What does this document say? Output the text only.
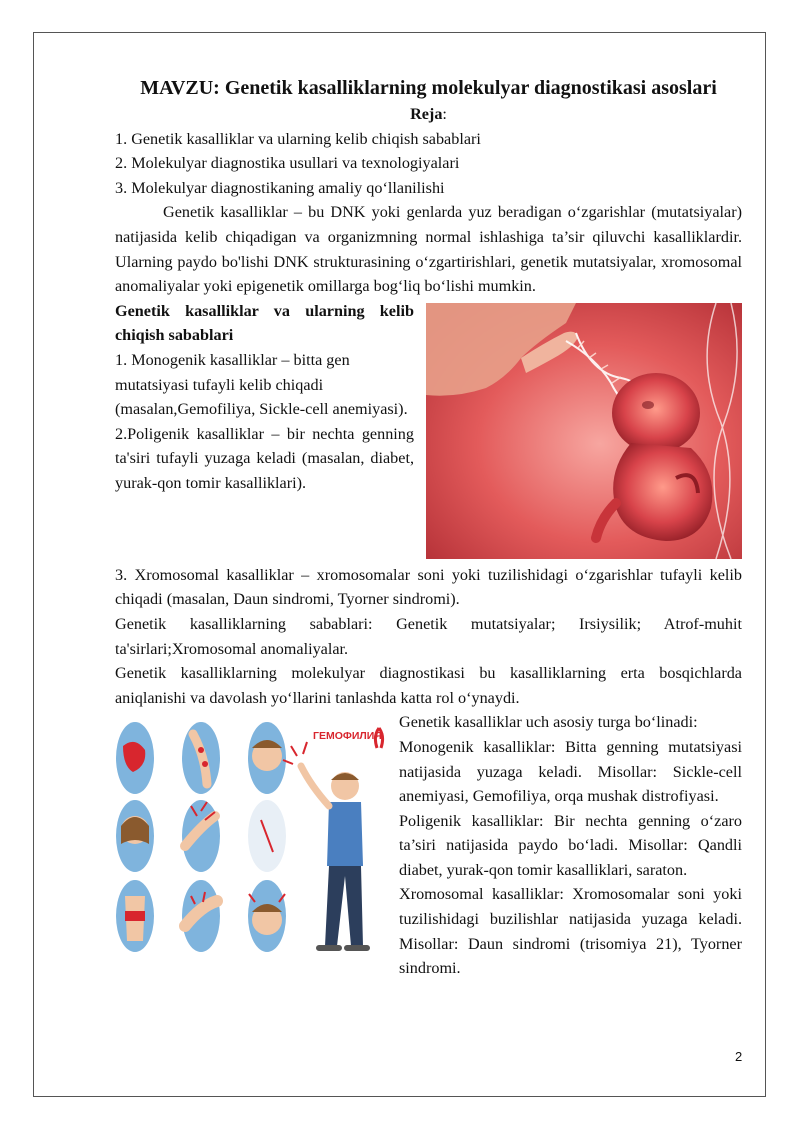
MAVZU: Genetik kasalliklarning molekulyar diagnostikasi asoslari

Reja:

1. Genetik kasalliklar va ularning kelib chiqish sabablari

2. Molekulyar diagnostika usullari va texnologiyalari

3. Molekulyar diagnostikaning amaliy qo‘llanilishi

Genetik kasalliklar – bu DNK yoki genlarda yuz beradigan o‘zgarishlar (mutatsiyalar) natijasida kelib chiqadigan va organizmning normal ishlashiga ta’sir qiluvchi kasalliklardir. Ularning paydo bo'lishi DNK strukturasining o‘zgartirishlari, genetik mutatsiyalar, xromosomal anomaliyalar yoki epigenetik omillarga bog‘liq bo‘lishi mumkin.

Genetik kasalliklar va ularning kelib chiqish sabablari

1. Monogenik kasalliklar – bitta gen mutatsiyasi tufayli kelib chiqadi (masalan,Gemofiliya, Sickle-cell anemiyasi).

2.Poligenik kasalliklar – bir nechta genning ta'siri tufayli yuzaga keladi (masalan, diabet, yurak-qon tomir kasalliklari).

3. Xromosomal kasalliklar – xromosomalar soni yoki tuzilishidagi o‘zgarishlar tufayli kelib chiqadi (masalan, Daun sindromi, Tyorner sindromi).

Genetik kasalliklarning sabablari: Genetik mutatsiyalar; Irsiysilik; Atrof-muhit ta'sirlari;Xromosomal anomaliyalar.

Genetik kasalliklarning molekulyar diagnostikasi bu kasalliklarning erta bosqichlarda aniqlanishi va davolash yo‘llarini tanlashda katta rol o‘ynaydi.

ГЕМОФИЛИЯ

Genetik kasalliklar uch asosiy turga bo‘linadi:

Monogenik kasalliklar: Bitta genning mutatsiyasi natijasida yuzaga keladi. Misollar: Sickle-cell anemiyasi, Gemofiliya, orqa mushak distrofiyasi.

Poligenik kasalliklar: Bir nechta genning o‘zaro ta’siri natijasida paydo bo‘ladi. Misollar: Qandli diabet, yurak-qon tomir kasalliklari, saraton.

Xromosomal kasalliklar: Xromosomalar soni yoki tuzilishidagi buzilishlar natijasida yuzaga keladi. Misollar: Daun sindromi (trisomiya 21), Tyorner sindromi.

2
